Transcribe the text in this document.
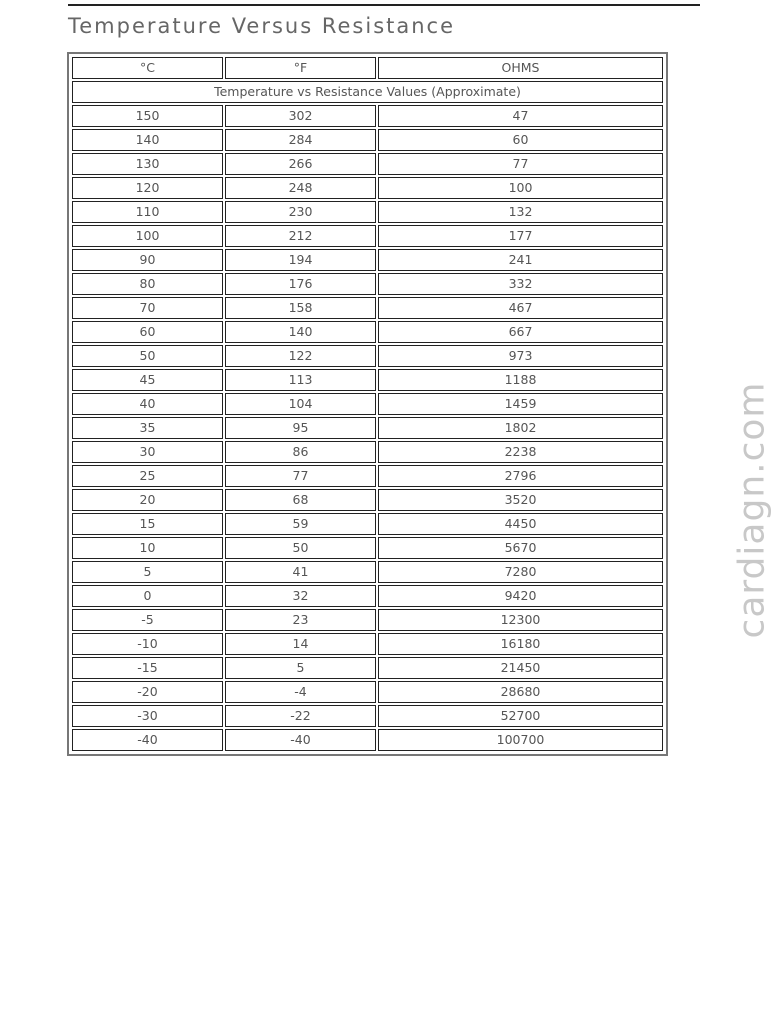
Temperature Versus Resistance
°C	°F	OHMS
Temperature vs Resistance Values (Approximate)		
150	302	47
140	284	60
130	266	77
120	248	100
110	230	132
100	212	177
90	194	241
80	176	332
70	158	467
60	140	667
50	122	973
45	113	1188
40	104	1459
35	95	1802
30	86	2238
25	77	2796
20	68	3520
15	59	4450
10	50	5670
5	41	7280
0	32	9420
-5	23	12300
-10	14	16180
-15	5	21450
-20	-4	28680
-30	-22	52700
-40	-40	100700
cardiagn.com
